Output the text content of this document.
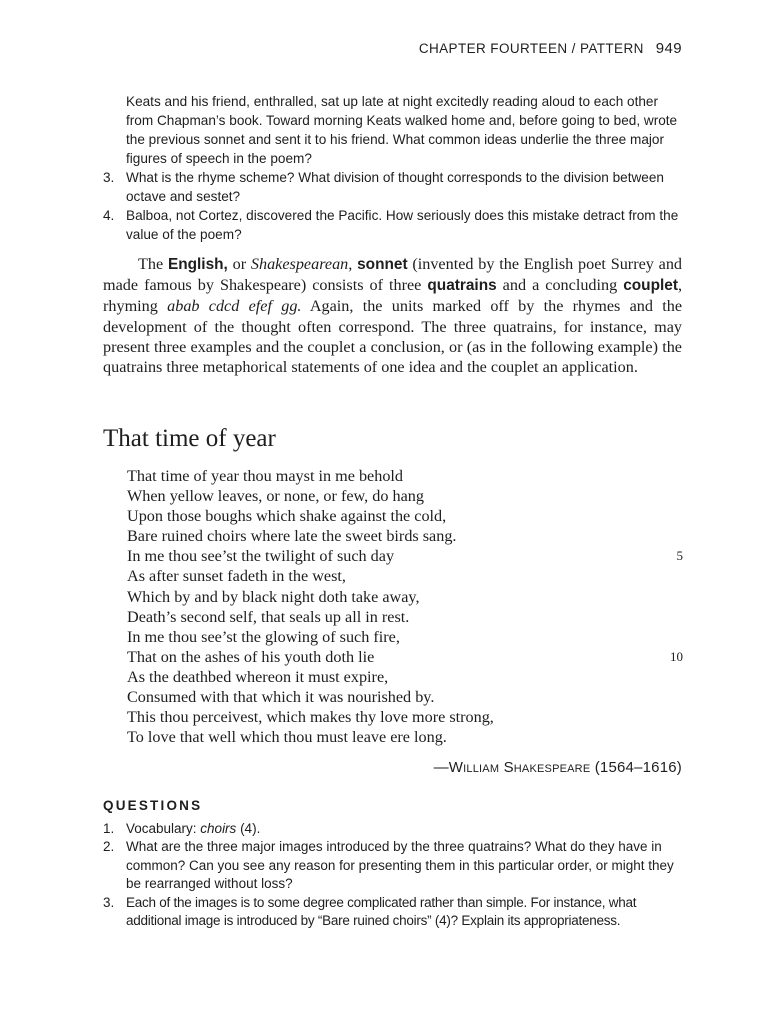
CHAPTER FOURTEEN / PATTERN 949

Keats and his friend, enthralled, sat up late at night excitedly reading aloud to each other from Chapman’s book. Toward morning Keats walked home and, before going to bed, wrote the previous sonnet and sent it to his friend. What common ideas underlie the three major figures of speech in the poem?

3. What is the rhyme scheme? What division of thought corresponds to the division between octave and sestet?
4. Balboa, not Cortez, discovered the Pacific. How seriously does this mistake detract from the value of the poem?

The English, or Shakespearean, sonnet (invented by the English poet Surrey and made famous by Shakespeare) consists of three quatrains and a concluding couplet, rhyming abab cdcd efef gg. Again, the units marked off by the rhymes and the development of the thought often correspond. The three quatrains, for instance, may present three examples and the couplet a conclusion, or (as in the following example) the quatrains three metaphorical statements of one idea and the couplet an application.

That time of year
That time of year thou mayst in me behold
When yellow leaves, or none, or few, do hang
Upon those boughs which shake against the cold,
Bare ruined choirs where late the sweet birds sang.
In me thou see’st the twilight of such day	5
As after sunset fadeth in the west,
Which by and by black night doth take away,
Death’s second self, that seals up all in rest.
In me thou see’st the glowing of such fire,
That on the ashes of his youth doth lie	10
As the deathbed whereon it must expire,
Consumed with that which it was nourished by.
This thou perceivest, which makes thy love more strong,
To love that well which thou must leave ere long.
—William Shakespeare (1564–1616)
QUESTIONS
1. Vocabulary: choirs (4).
2. What are the three major images introduced by the three quatrains? What do they have in common? Can you see any reason for presenting them in this particular order, or might they be rearranged without loss?
3. Each of the images is to some degree complicated rather than simple. For instance, what additional image is introduced by “Bare ruined choirs” (4)? Explain its appropriateness.
